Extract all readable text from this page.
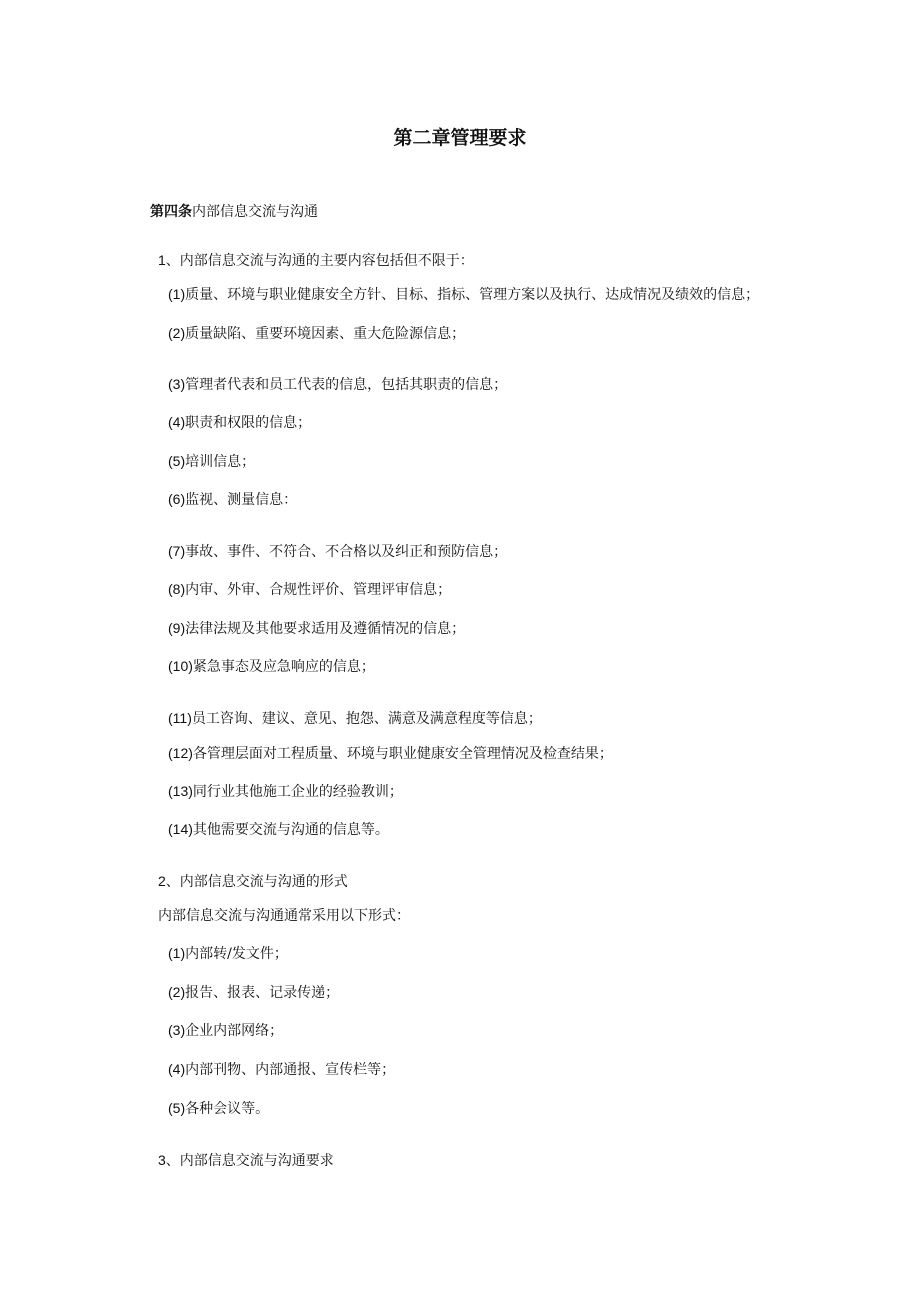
第二章管理要求
第四条内部信息交流与沟通
1、内部信息交流与沟通的主要内容包括但不限于：
(1)质量、环境与职业健康安全方针、目标、指标、管理方案以及执行、达成情况及绩效的信息；
(2)质量缺陷、重要环境因素、重大危险源信息；
(3)管理者代表和员工代表的信息，包括其职责的信息；
(4)职责和权限的信息；
(5)培训信息；
(6)监视、测量信息：
(7)事故、事件、不符合、不合格以及纠正和预防信息；
(8)内审、外审、合规性评价、管理评审信息；
(9)法律法规及其他要求适用及遵循情况的信息；
(10)紧急事态及应急响应的信息；
(11)员工咨询、建议、意见、抱怨、满意及满意程度等信息；
(12)各管理层面对工程质量、环境与职业健康安全管理情况及检查结果；
(13)同行业其他施工企业的经验教训；
(14)其他需要交流与沟通的信息等。
2、内部信息交流与沟通的形式
内部信息交流与沟通通常采用以下形式：
(1)内部转/发文件；
(2)报告、报表、记录传递；
(3)企业内部网络；
(4)内部刊物、内部通报、宣传栏等；
(5)各种会议等。
3、内部信息交流与沟通要求
